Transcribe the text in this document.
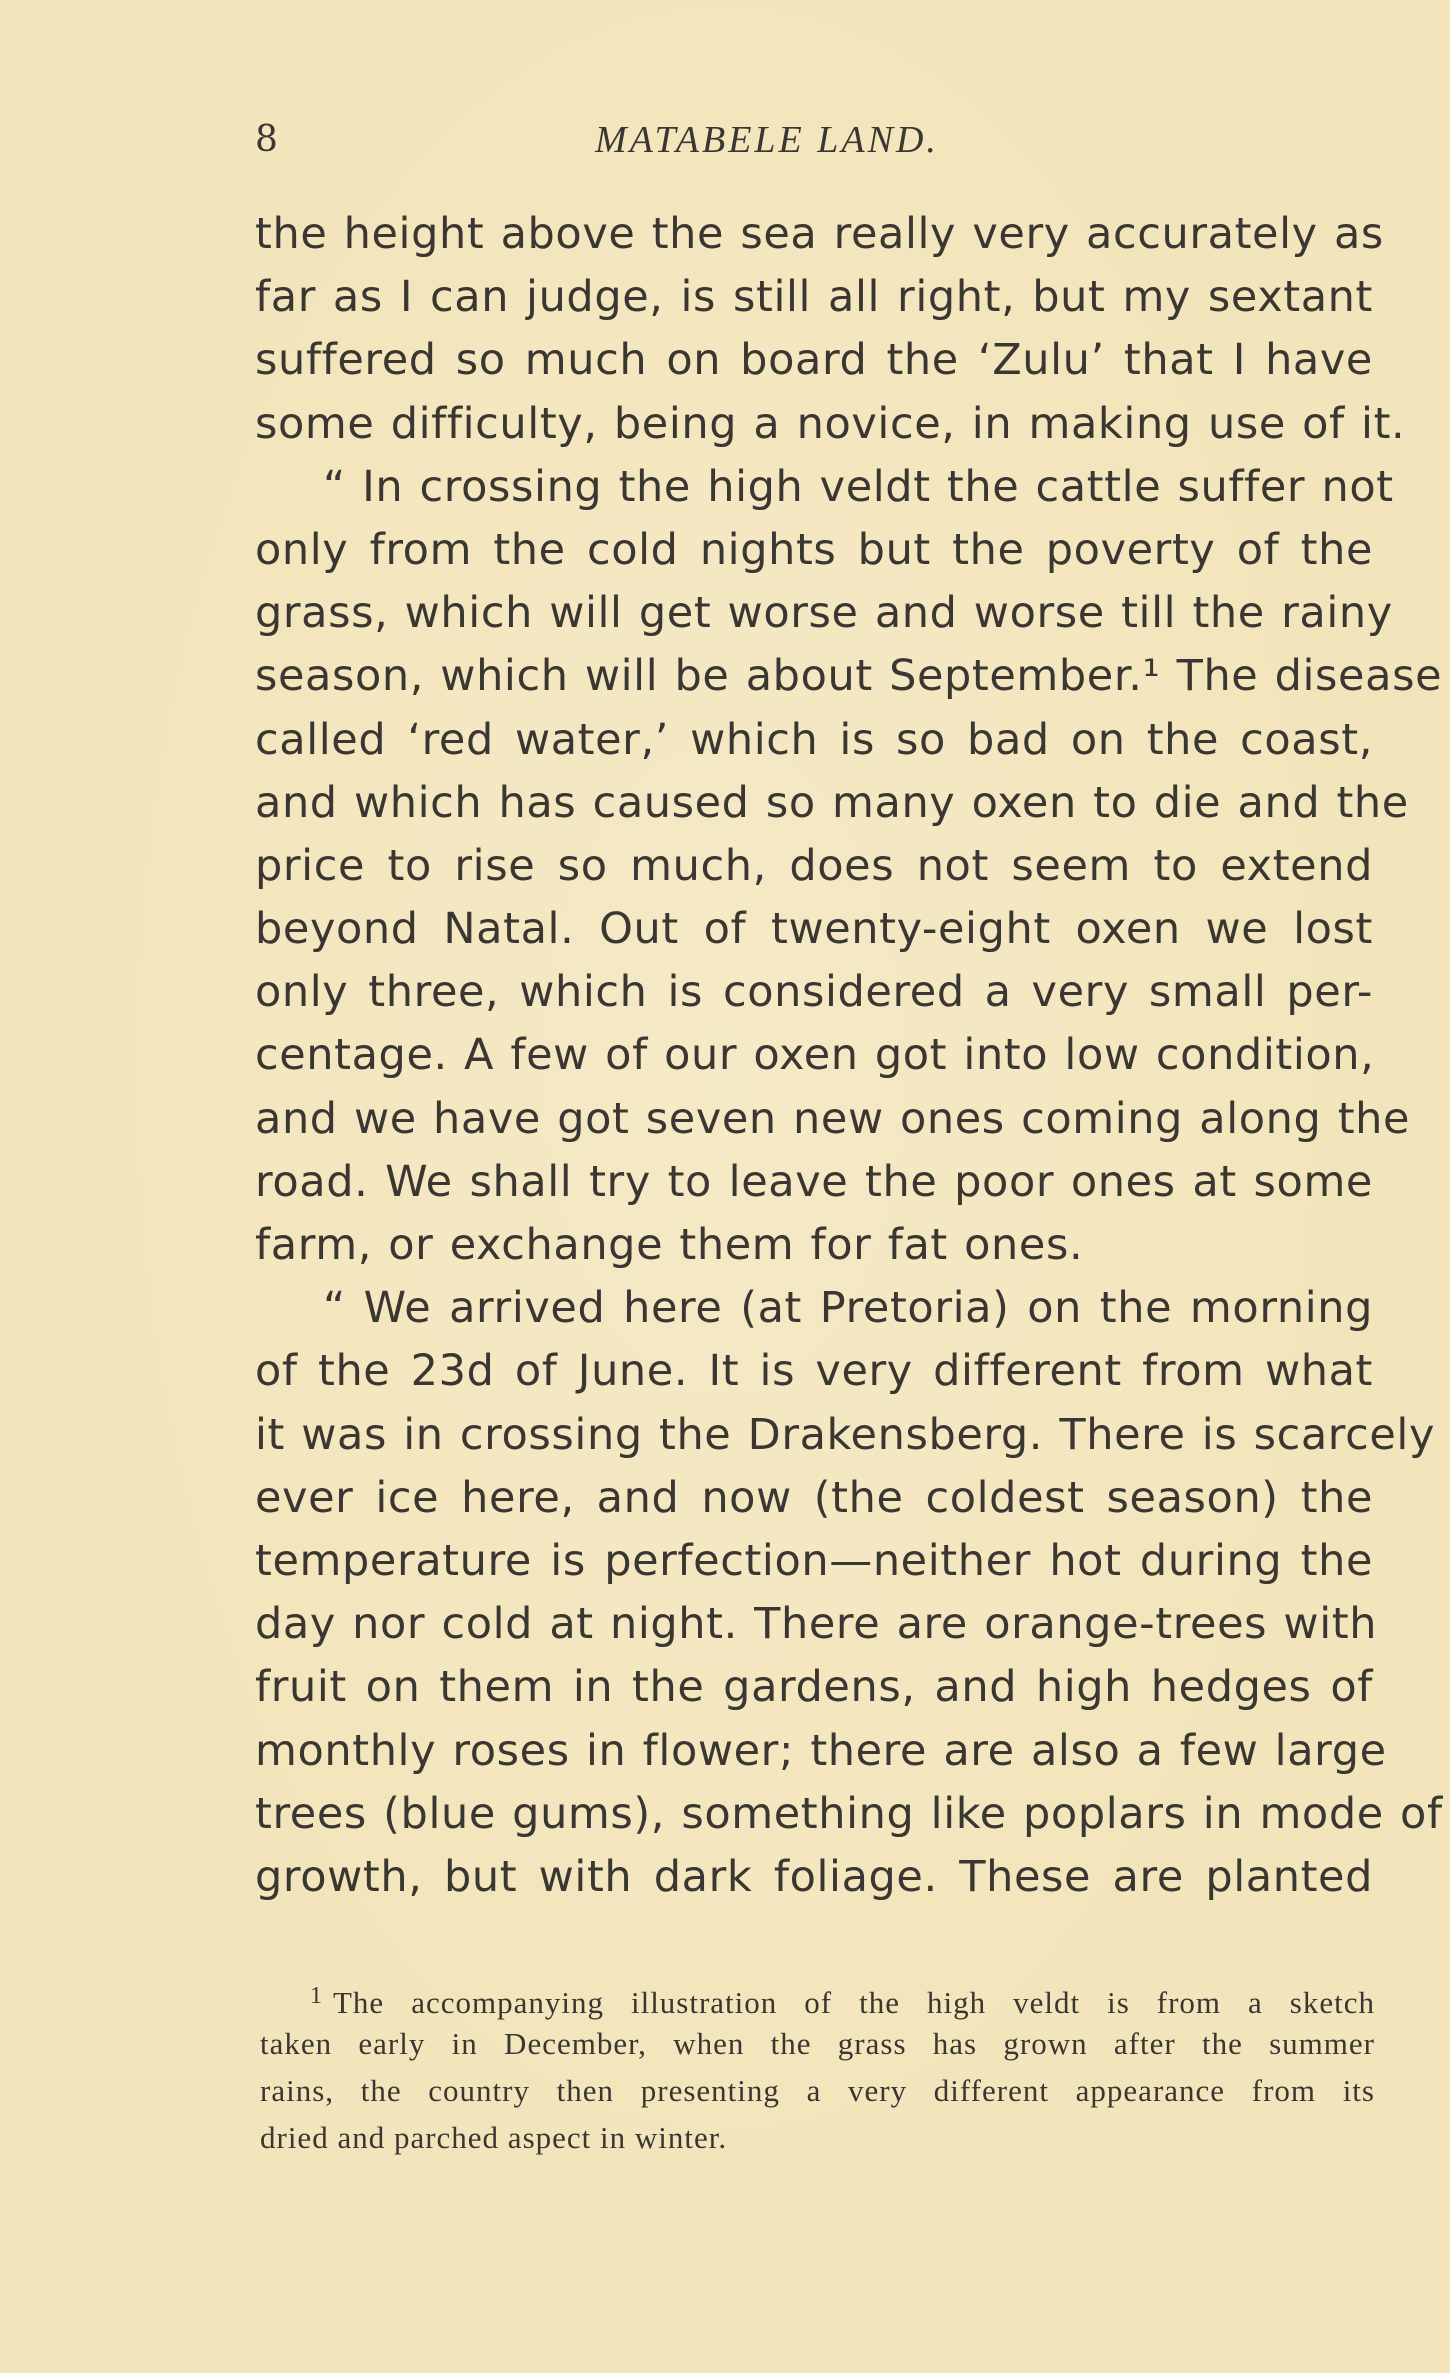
8	MATABELE LAND.
the height above the sea really very accurately as
far as I can judge, is still all right, but my sextant
suffered so much on board the ‘Zulu’ that I have
some difficulty, being a novice, in making use of it.
“ In crossing the high veldt the cattle suffer not
only from the cold nights but the poverty of the
grass, which will get worse and worse till the rainy
season, which will be about September.¹ The disease
called ‘red water,’ which is so bad on the coast,
and which has caused so many oxen to die and the
price to rise so much, does not seem to extend
beyond Natal. Out of twenty-eight oxen we lost
only three, which is considered a very small per-
centage. A few of our oxen got into low condition,
and we have got seven new ones coming along the
road. We shall try to leave the poor ones at some
farm, or exchange them for fat ones.
“ We arrived here (at Pretoria) on the morning
of the 23d of June. It is very different from what
it was in crossing the Drakensberg. There is scarcely
ever ice here, and now (the coldest season) the
temperature is perfection—neither hot during the
day nor cold at night. There are orange-trees with
fruit on them in the gardens, and high hedges of
monthly roses in flower; there are also a few large
trees (blue gums), something like poplars in mode of
growth, but with dark foliage. These are planted
$^1$ The accompanying illustration of the high veldt is from a sketch
taken early in December, when the grass has grown after the summer
rains, the country then presenting a very different appearance from its
dried and parched aspect in winter.
